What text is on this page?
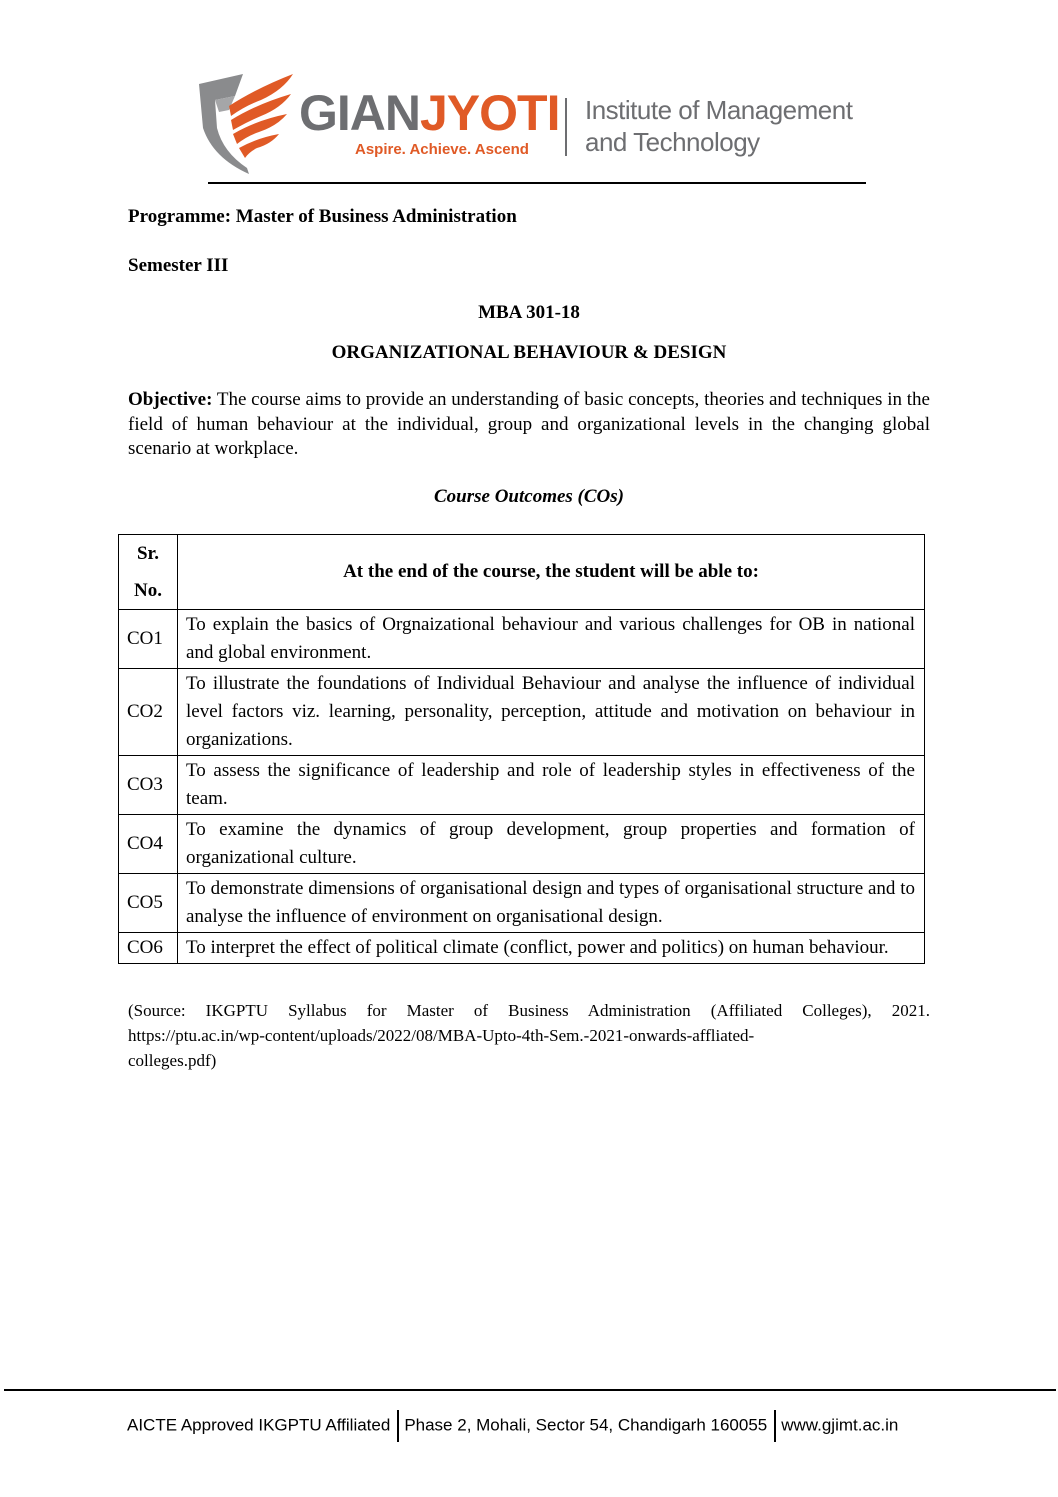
GIANJYOTI
Aspire. Achieve. Ascend
Institute of Management
and Technology
Programme: Master of Business Administration
Semester III
MBA 301-18
ORGANIZATIONAL BEHAVIOUR & DESIGN
Objective: The course aims to provide an understanding of basic concepts, theories and techniques in the field of human behaviour at the individual, group and organizational levels in the changing global scenario at workplace.
Course Outcomes (COs)
Sr.
No.	At the end of the course, the student will be able to:
CO1	To explain the basics of Orgnaizational behaviour and various challenges for OB in national and global environment.
CO2	To illustrate the foundations of Individual Behaviour and analyse the influence of individual level factors viz. learning, personality, perception, attitude and motivation on behaviour in organizations.
CO3	To assess the significance of leadership and role of leadership styles in effectiveness of the team.
CO4	To examine the dynamics of group development, group properties and formation of organizational culture.
CO5	To demonstrate dimensions of organisational design and types of organisational structure and to analyse the influence of environment on organisational design.
CO6	To interpret the effect of political climate (conflict, power and politics) on human behaviour.
(Source: IKGPTU Syllabus for Master of Business Administration (Affiliated Colleges), 2021.
https://ptu.ac.in/wp-content/uploads/2022/08/MBA-Upto-4th-Sem.-2021-onwards-affliated-
colleges.pdf)
AICTE Approved IKGPTU Affiliated Phase 2, Mohali, Sector 54, Chandigarh 160055 www.gjimt.ac.in
